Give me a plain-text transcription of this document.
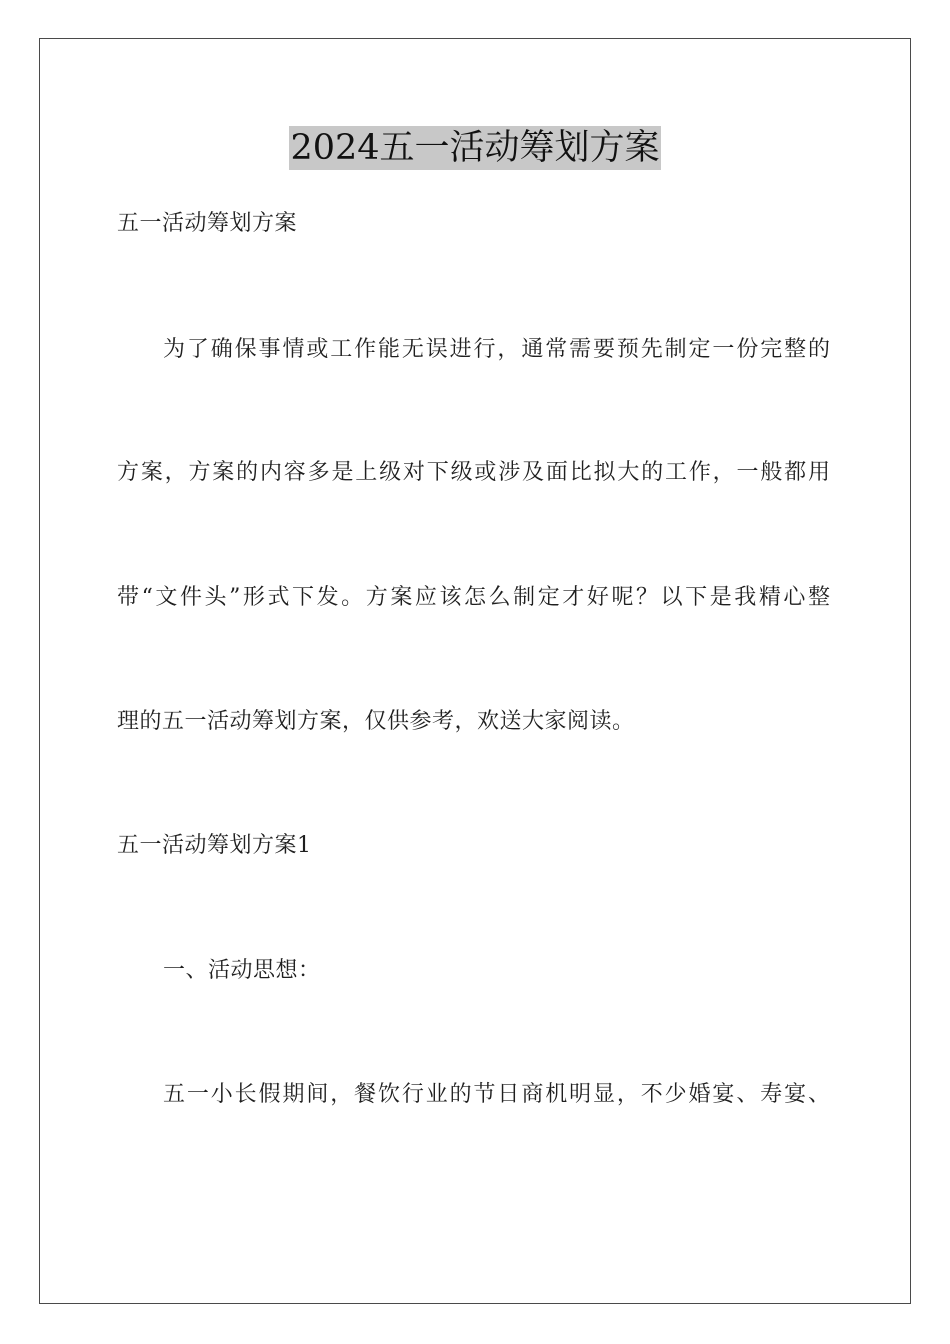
2024五一活动筹划方案

五一活动筹划方案

为了确保事情或工作能无误进行，通常需要预先制定一份完整的

方案，方案的内容多是上级对下级或涉及面比拟大的工作，一般都用

带“文件头”形式下发。方案应该怎么制定才好呢？以下是我精心整

理的五一活动筹划方案，仅供参考，欢送大家阅读。

五一活动筹划方案1

一、活动思想：

五一小长假期间，餐饮行业的节日商机明显，不少婚宴、寿宴、
